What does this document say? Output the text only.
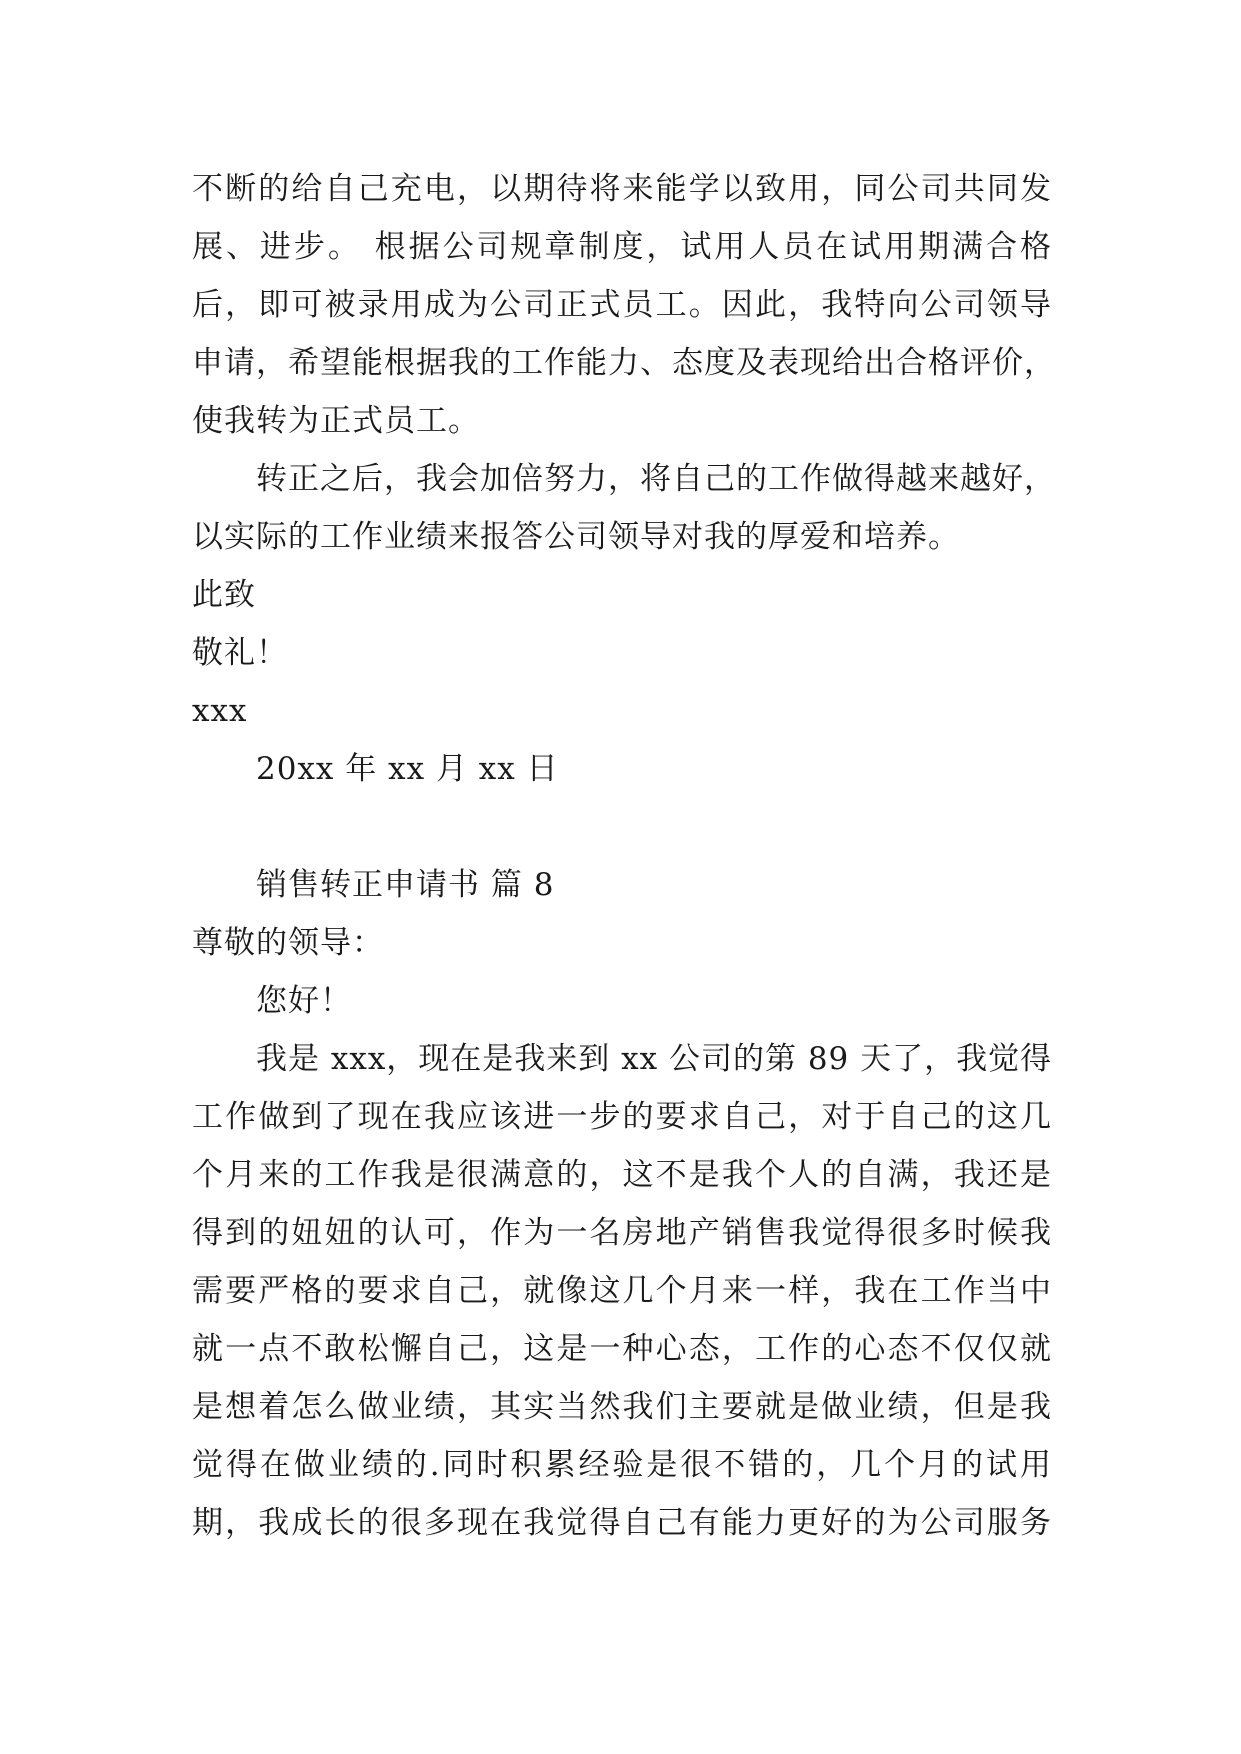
不断的给自己充电，以期待将来能学以致用，同公司共同发
展、进步。 根据公司规章制度，试用人员在试用期满合格
后，即可被录用成为公司正式员工。因此，我特向公司领导
申请，希望能根据我的工作能力、态度及表现给出合格评价，
使我转为正式员工。
转正之后，我会加倍努力，将自己的工作做得越来越好，
以实际的工作业绩来报答公司领导对我的厚爱和培养。
此致
敬礼！
xxx
20xx 年 xx 月 xx 日
销售转正申请书 篇 8
尊敬的领导：
您好！
我是 xxx，现在是我来到 xx 公司的第 89 天了，我觉得
工作做到了现在我应该进一步的要求自己，对于自己的这几
个月来的工作我是很满意的，这不是我个人的自满，我还是
得到的妞妞的认可，作为一名房地产销售我觉得很多时候我
需要严格的要求自己，就像这几个月来一样，我在工作当中
就一点不敢松懈自己，这是一种心态，工作的心态不仅仅就
是想着怎么做业绩，其实当然我们主要就是做业绩，但是我
觉得在做业绩的.同时积累经验是很不错的，几个月的试用
期，我成长的很多现在我觉得自己有能力更好的为公司服务
